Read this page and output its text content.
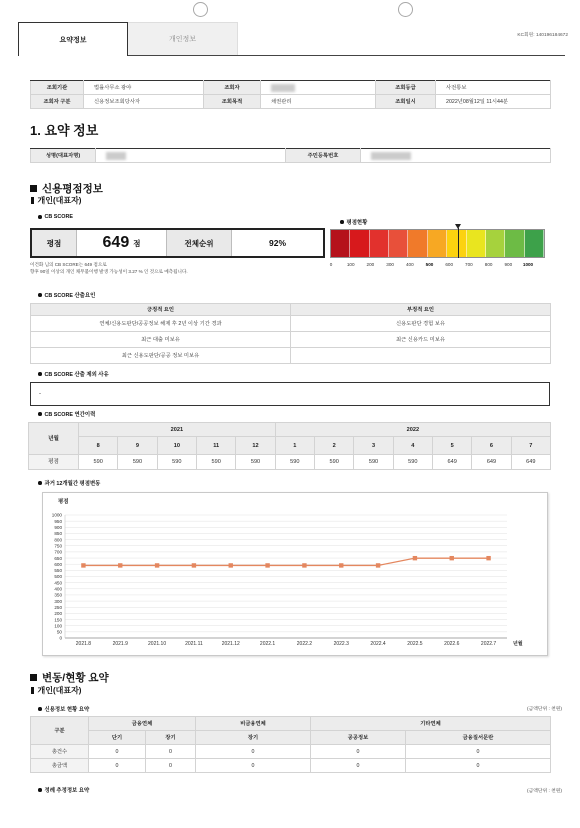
요약정보	개인정보
KC회원: 140196184672
조회기관	법률사무소 광야	조회자		조회등급	사전통보
조회자 구분	신용정보조회당사자	조회목적	채권관리	조회일시	2022년08월12일 11시44분
1. 요약 정보
성명(대표자명)		주민등록번호	
신용평점정보
개인(대표자)
CB SCORE
평점현황
평점	649 점	전체순위	92%
이건화 님의 CB SCORE는 649 점으로
향후 90일 이상의 개인 채무불이행 발생 가능성이 3.27 % 인 것으로 예측됩니다.
0	100	200	300	400	500	600	700	800	900 1000
CB SCORE 산출요인
긍정적 요인	부정적 요인
연체/신용도판단/공공정보 해제 후 2년 이상 기간 경과	신용도판단 경험 보유
최근 대출 미보유	최근 신용카드 미보유
최근 신용도판단/공공 정보 미보유	
CB SCORE 산출 제외 사유
-
CB SCORE 연간이력
년월	2021					2022						
	8	9	10	11	12	1	2	3	4	5	6	7
평점	590	590	590	590	590	590	590	590	590	649	649	649
과거 12개월간 평점변동
1000
950
900
850
800
750
700
650
600
550
500
450
400
350
300
250
200
150
100
50
0
평점
2021.8	2021.9	2021.10	2021.11	2021.12	2022.1	2022.2	2022.3	2022.4	2022.5	2022.6	2022.7	년월
변동/현황 요약
개인(대표자)
신용정보 현황 요약	(금액단위 : 천원)
구분	금융연체		비금융연체	기타연체	
	단기	장기	장기	공공정보	금융질서문란
총건수	0	0	0	0	0
총금액	0	0	0	0	0
정례 추정정보 요약	(금액단위 : 천원)
